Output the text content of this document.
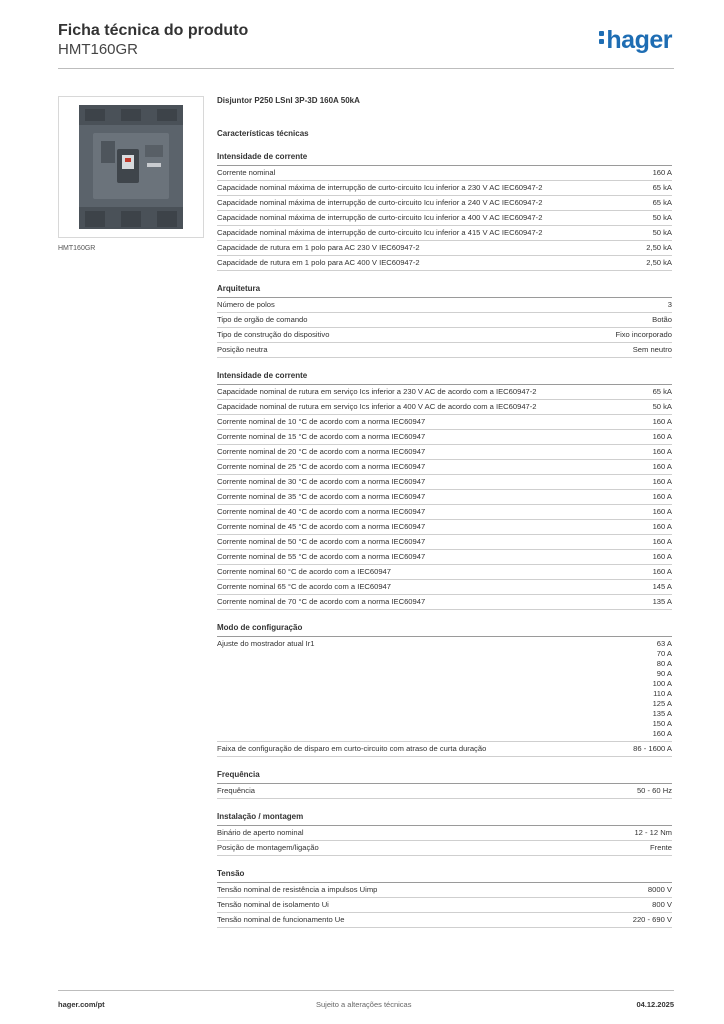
Ficha técnica do produto
HMT160GR	hager
HMT160GR
Disjuntor P250 LSnI 3P-3D 160A 50kA
Características técnicas
Intensidade de corrente
Corrente nominal	160 A
Capacidade nominal máxima de interrupção de curto-circuito Icu inferior a 230 V AC IEC60947-2	65 kA
Capacidade nominal máxima de interrupção de curto-circuito Icu inferior a 240 V AC IEC60947-2	65 kA
Capacidade nominal máxima de interrupção de curto-circuito Icu inferior a 400 V AC IEC60947-2	50 kA
Capacidade nominal máxima de interrupção de curto-circuito Icu inferior a 415 V AC IEC60947-2	50 kA
Capacidade de rutura em 1 polo para AC 230 V IEC60947-2	2,50 kA
Capacidade de rutura em 1 polo para AC 400 V IEC60947-2	2,50 kA
Arquitetura
Número de polos	3
Tipo de orgão de comando	Botão
Tipo de construção do dispositivo	Fixo incorporado
Posição neutra	Sem neutro
Intensidade de corrente
Capacidade nominal de rutura em serviço Ics inferior a 230 V AC de acordo com a IEC60947-2	65 kA
Capacidade nominal de rutura em serviço Ics inferior a 400 V AC de acordo com a IEC60947-2	50 kA
Corrente nominal de 10 °C de acordo com a norma IEC60947	160 A
Corrente nominal de 15 °C de acordo com a norma IEC60947	160 A
Corrente nominal de 20 °C de acordo com a norma IEC60947	160 A
Corrente nominal de 25 °C de acordo com a norma IEC60947	160 A
Corrente nominal de 30 °C de acordo com a norma IEC60947	160 A
Corrente nominal de 35 °C de acordo com a norma IEC60947	160 A
Corrente nominal de 40 °C de acordo com a norma IEC60947	160 A
Corrente nominal de 45 °C de acordo com a norma IEC60947	160 A
Corrente nominal de 50 °C de acordo com a norma IEC60947	160 A
Corrente nominal de 55 °C de acordo com a norma IEC60947	160 A
Corrente nominal 60 °C de acordo com a IEC60947	160 A
Corrente nominal 65 °C de acordo com a IEC60947	145 A
Corrente nominal de 70 °C de acordo com a norma IEC60947	135 A
Modo de configuração
Ajuste do mostrador atual Ir1	63 A
70 A
80 A
90 A
100 A
110 A
125 A
135 A
150 A
160 A
Faixa de configuração de disparo em curto-circuito com atraso de curta duração	86 - 1600 A
Frequência
Frequência	50 - 60 Hz
Instalação / montagem
Binário de aperto nominal	12 - 12 Nm
Posição de montagem/ligação	Frente
Tensão
Tensão nominal de resistência a impulsos Uimp	8000 V
Tensão nominal de isolamento Ui	800 V
Tensão nominal de funcionamento Ue	220 - 690 V
hager.com/pt	Sujeito a alterações técnicas	04.12.2025
